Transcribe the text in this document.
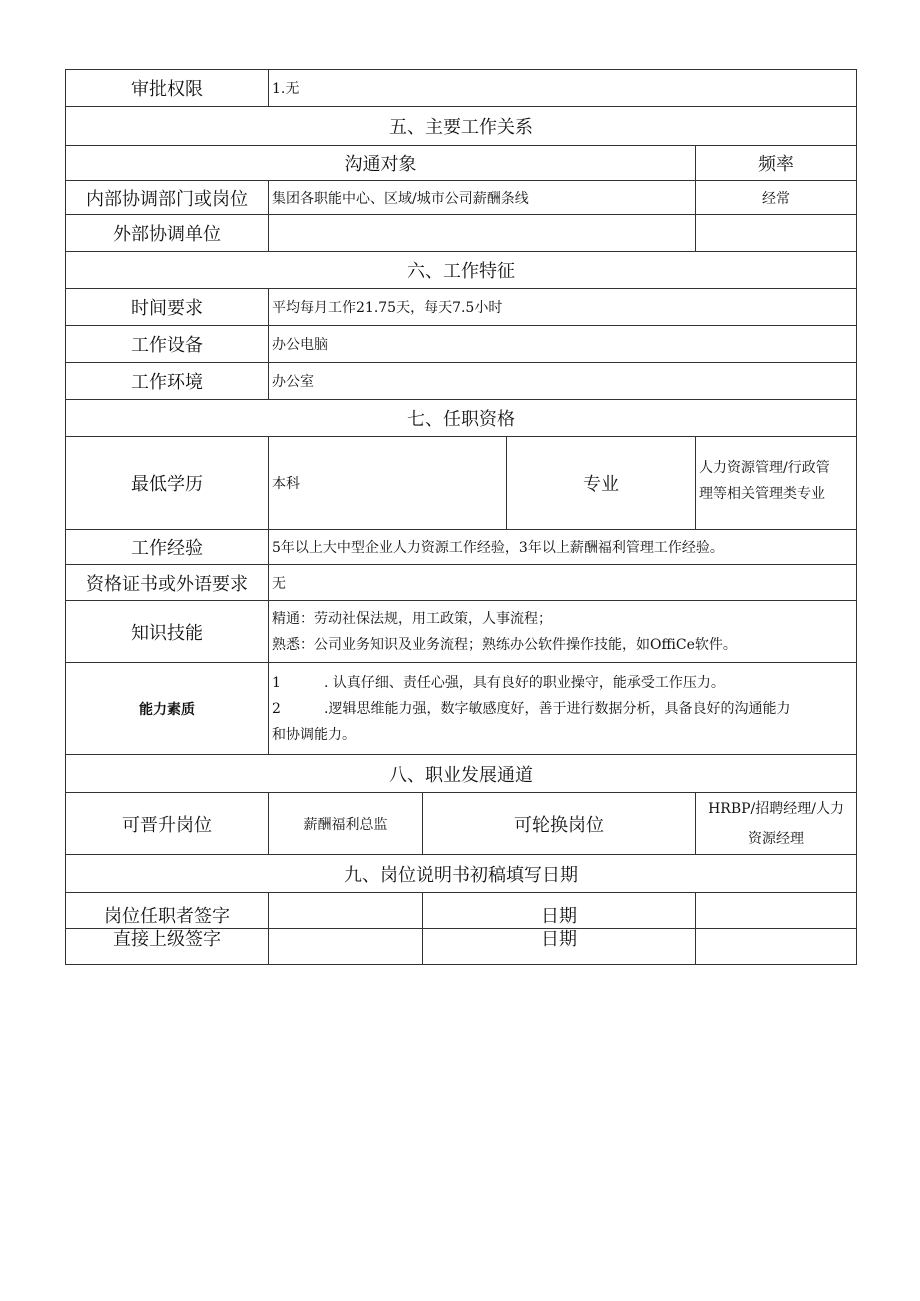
审批权限	1.无			
五、主要工作关系				
沟通对象				频率
内部协调部门或岗位	集团各职能中心、区域/城市公司薪酬条线			经常
外部协调单位				
六、工作特征				
时间要求	平均每月工作21.75天，每天7.5小时			
工作设备	办公电脑			
工作环境	办公室			
七、任职资格				
最低学历	本科		专业	人力资源管理/行政管
理等相关管理类专业

工作经验	5年以上大中型企业人力资源工作经验，3年以上薪酬福利管理工作经验。			
资格证书或外语要求	无			
知识技能	精通：劳动社保法规，用工政策，人事流程；
熟悉：公司业务知识及业务流程；熟练办公软件操作技能，如OffiCe软件。			

能力素质	1 . 认真仔细、责任心强，具有良好的职业操守，能承受工作压力。
2 .逻辑思维能力强，数字敏感度好，善于进行数据分析，具备良好的沟通能力
和协调能力。			

八、职业发展通道				
可晋升岗位	薪酬福利总监	可轮换岗位		HRBP/招聘经理/人力
资源经理

九、岗位说明书初稿填写日期				
岗位任职者签字		日期		
直接上级签字		日期		
